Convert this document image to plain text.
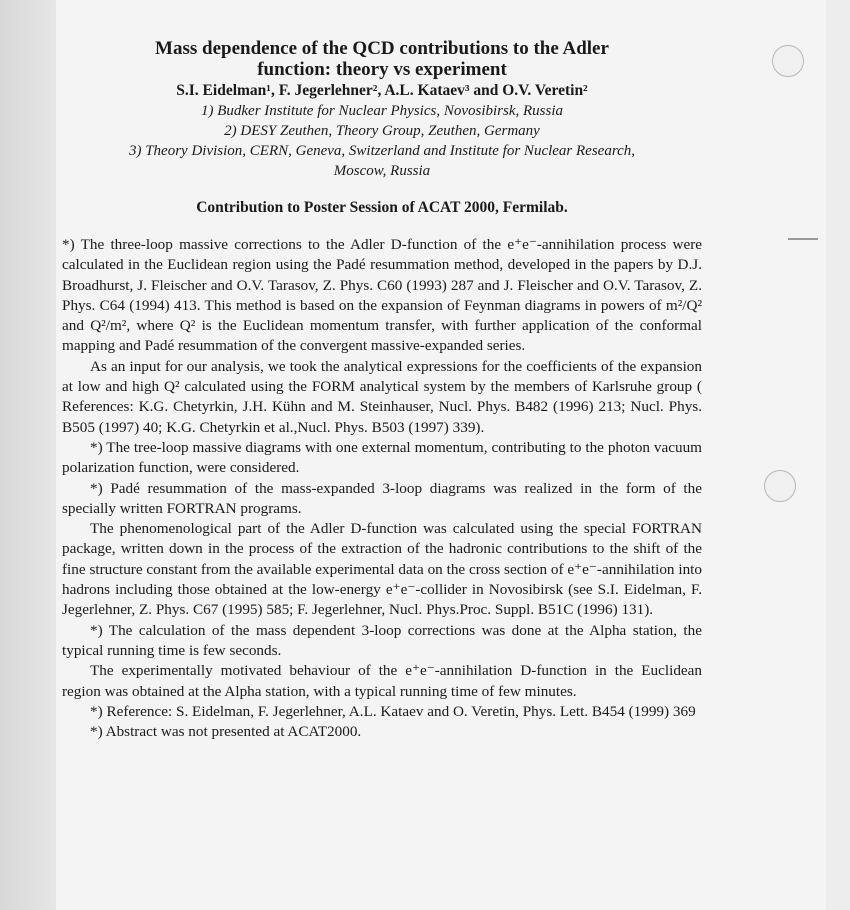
Mass dependence of the QCD contributions to the Adler
function: theory vs experiment
S.I. Eidelman¹, F. Jegerlehner², A.L. Kataev³ and O.V. Veretin²
1) Budker Institute for Nuclear Physics, Novosibirsk, Russia
2) DESY Zeuthen, Theory Group, Zeuthen, Germany
3) Theory Division, CERN, Geneva, Switzerland and Institute for Nuclear Research,
Moscow, Russia
Contribution to Poster Session of ACAT 2000, Fermilab.

*) The three-loop massive corrections to the Adler D-function of the e⁺e⁻-annihilation process were calculated in the Euclidean region using the Padé resummation method, developed in the papers by D.J. Broadhurst, J. Fleischer and O.V. Tarasov, Z. Phys. C60 (1993) 287 and J. Fleischer and O.V. Tarasov, Z. Phys. C64 (1994) 413. This method is based on the expansion of Feynman diagrams in powers of m²/Q² and Q²/m², where Q² is the Euclidean momentum transfer, with further application of the conformal mapping and Padé resummation of the convergent massive-expanded series.

As an input for our analysis, we took the analytical expressions for the coefficients of the expansion at low and high Q² calculated using the FORM analytical system by the members of Karlsruhe group ( References: K.G. Chetyrkin, J.H. Kühn and M. Steinhauser, Nucl. Phys. B482 (1996) 213; Nucl. Phys. B505 (1997) 40; K.G. Chetyrkin et al.,Nucl. Phys. B503 (1997) 339).

*) The tree-loop massive diagrams with one external momentum, contributing to the photon vacuum polarization function, were considered.

*) Padé resummation of the mass-expanded 3-loop diagrams was realized in the form of the specially written FORTRAN programs.

The phenomenological part of the Adler D-function was calculated using the special FORTRAN package, written down in the process of the extraction of the hadronic contributions to the shift of the fine structure constant from the available experimental data on the cross section of e⁺e⁻-annihilation into hadrons including those obtained at the low-energy e⁺e⁻-collider in Novosibirsk (see S.I. Eidelman, F. Jegerlehner, Z. Phys. C67 (1995) 585; F. Jegerlehner, Nucl. Phys.Proc. Suppl. B51C (1996) 131).

*) The calculation of the mass dependent 3-loop corrections was done at the Alpha station, the typical running time is few seconds.

The experimentally motivated behaviour of the e⁺e⁻-annihilation D-function in the Euclidean region was obtained at the Alpha station, with a typical running time of few minutes.

*) Reference: S. Eidelman, F. Jegerlehner, A.L. Kataev and O. Veretin, Phys. Lett. B454 (1999) 369

*) Abstract was not presented at ACAT2000.
